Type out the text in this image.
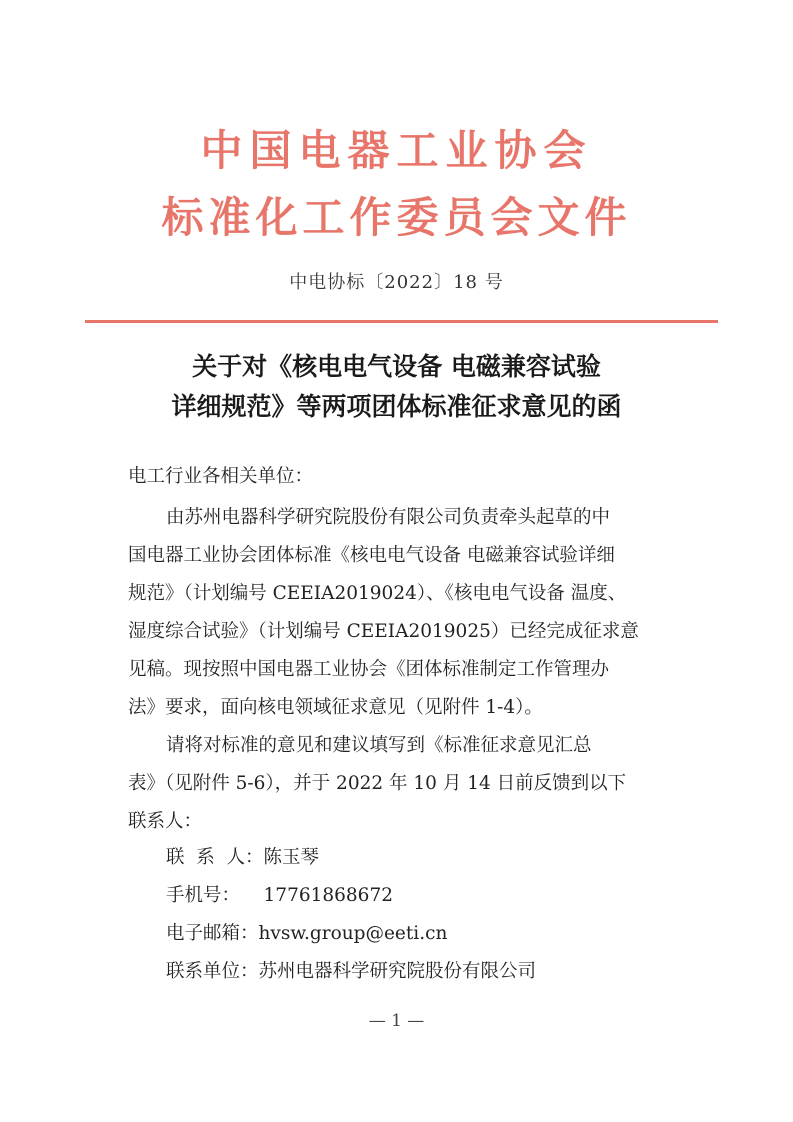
中国电器工业协会
标准化工作委员会文件
中电协标〔2022〕18 号
关于对《核电电气设备 电磁兼容试验
详细规范》等两项团体标准征求意见的函
电工行业各相关单位：
由苏州电器科学研究院股份有限公司负责牵头起草的中
国电器工业协会团体标准《核电电气设备 电磁兼容试验详细
规范》（计划编号 CEEIA2019024）、《核电电气设备 温度、
湿度综合试验》（计划编号 CEEIA2019025）已经完成征求意
见稿。现按照中国电器工业协会《团体标准制定工作管理办
法》要求，面向核电领域征求意见（见附件 1-4）。
请将对标准的意见和建议填写到《标准征求意见汇总
表》（见附件 5-6），并于 2022 年 10 月 14 日前反馈到以下
联系人：
联  系  人：陈玉琴
手机号：    17761868672
电子邮箱：hvsw.group@eeti.cn
联系单位：苏州电器科学研究院股份有限公司
— 1 —
